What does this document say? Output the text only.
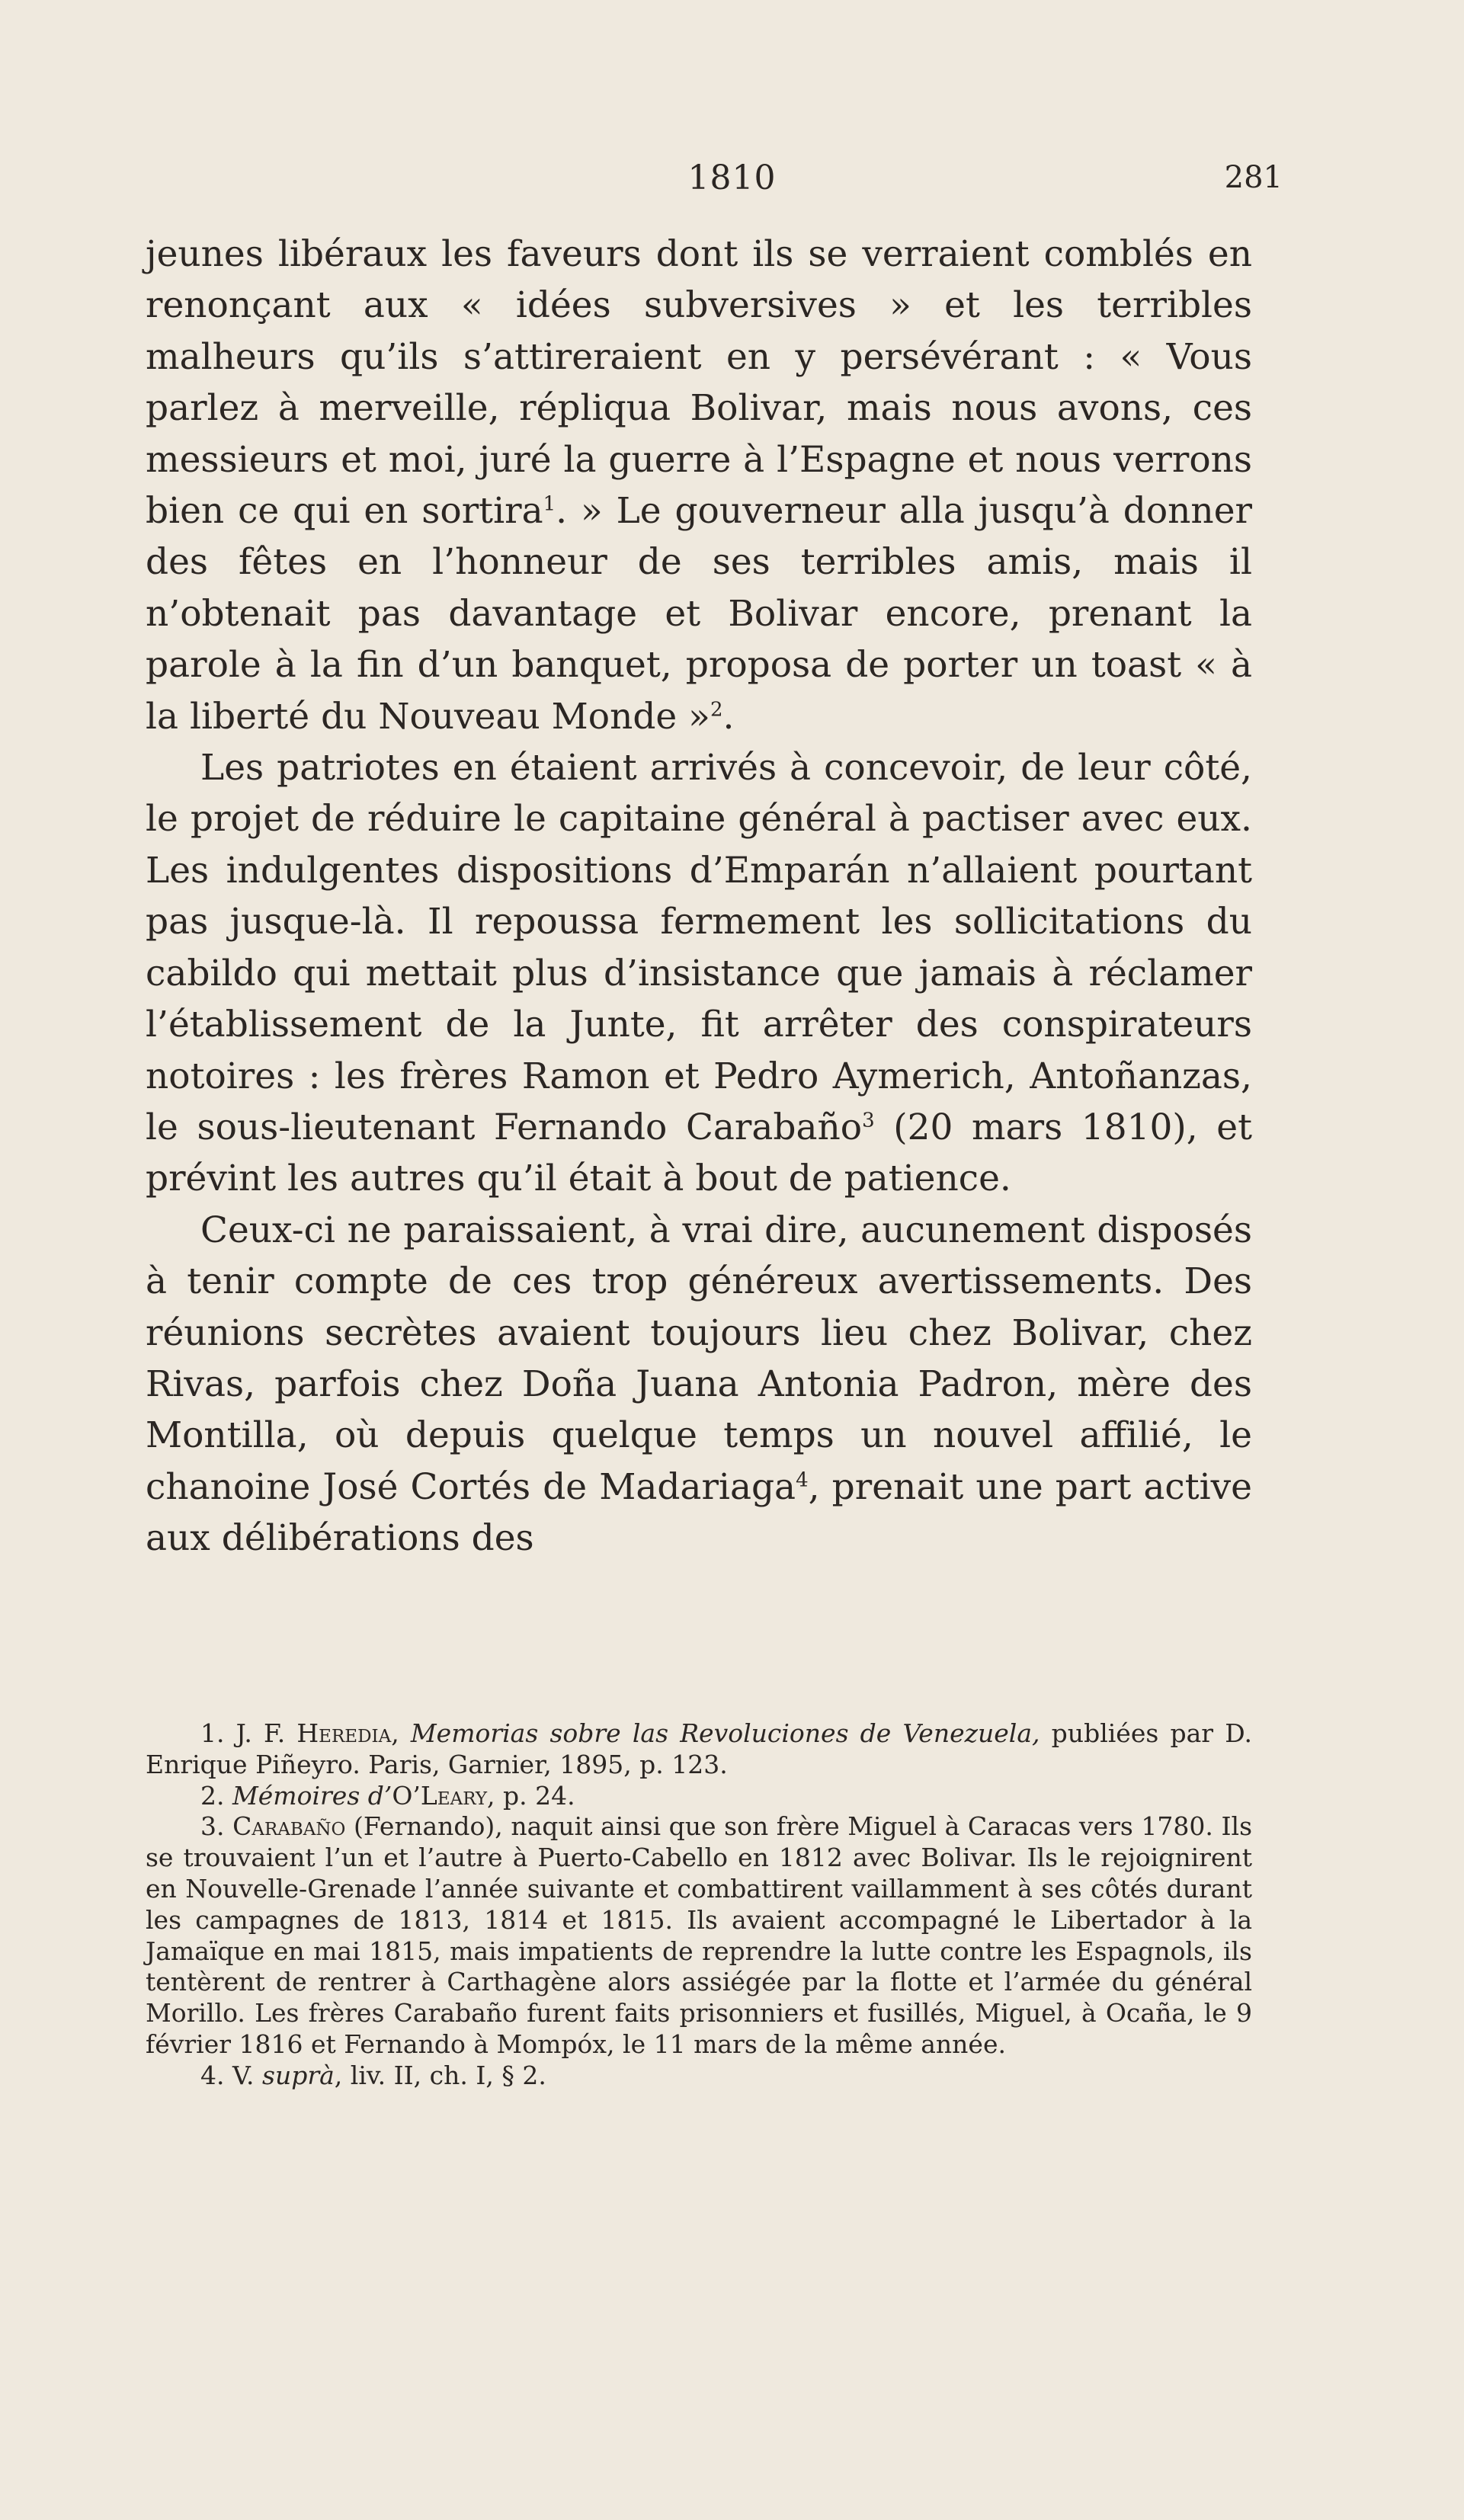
1810	281

jeunes libéraux les faveurs dont ils se verraient comblés en renonçant aux « idées subversives » et les terribles malheurs qu’ils s’attireraient en y persévérant : « Vous parlez à merveille, répliqua Bolivar, mais nous avons, ces messieurs et moi, juré la guerre à l’Espagne et nous verrons bien ce qui en sortira$^1$. » Le gouverneur alla jusqu’à donner des fêtes en l’honneur de ses terribles amis, mais il n’obtenait pas davantage et Bolivar encore, prenant la parole à la fin d’un banquet, proposa de porter un toast « à la liberté du Nouveau Monde »$^2$.

Les patriotes en étaient arrivés à concevoir, de leur côté, le projet de réduire le capitaine général à pactiser avec eux. Les indulgentes dispositions d’Emparán n’allaient pourtant pas jusque-là. Il repoussa fermement les sollicitations du cabildo qui mettait plus d’insistance que jamais à réclamer l’établissement de la Junte, fit arrêter des conspirateurs notoires : les frères Ramon et Pedro Aymerich, Antoñanzas, le sous-lieutenant Fernando Carabaño$^3$ (20 mars 1810), et prévint les autres qu’il était à bout de patience.

Ceux-ci ne paraissaient, à vrai dire, aucunement disposés à tenir compte de ces trop généreux avertissements. Des réunions secrètes avaient toujours lieu chez Bolivar, chez Rivas, parfois chez Doña Juana Antonia Padron, mère des Montilla, où depuis quelque temps un nouvel affilié, le chanoine José Cortés de Madariaga$^4$, prenait une part active aux délibérations des

1. J. F. Heredia, Memorias sobre las Revoluciones de Venezuela, publiées par D. Enrique Piñeyro. Paris, Garnier, 1895, p. 123.

2. Mémoires d’O’Leary, p. 24.

3. Carabaño (Fernando), naquit ainsi que son frère Miguel à Caracas vers 1780. Ils se trouvaient l’un et l’autre à Puerto-Cabello en 1812 avec Bolivar. Ils le rejoignirent en Nouvelle-Grenade l’année suivante et combattirent vaillamment à ses côtés durant les campagnes de 1813, 1814 et 1815. Ils avaient accompagné le Libertador à la Jamaïque en mai 1815, mais impatients de reprendre la lutte contre les Espagnols, ils tentèrent de rentrer à Carthagène alors assiégée par la flotte et l’armée du général Morillo. Les frères Carabaño furent faits prisonniers et fusillés, Miguel, à Ocaña, le 9 février 1816 et Fernando à Mompóx, le 11 mars de la même année.

4. V. suprà, liv. II, ch. I, § 2.
